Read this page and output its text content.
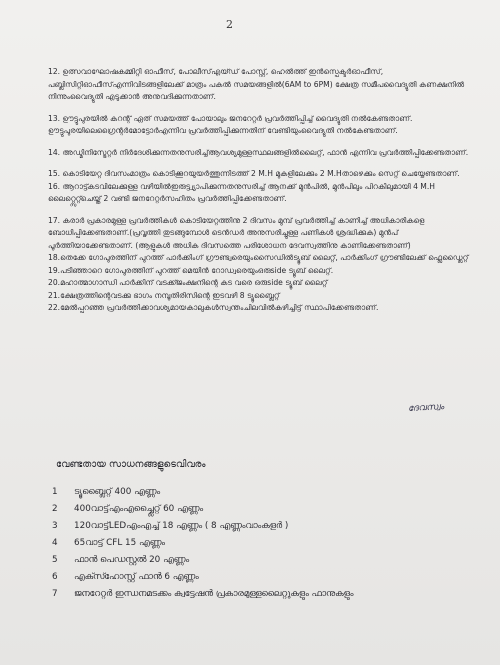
2

12. ഉത്സവാഘോഷകമ്മിറ്റി ഓഫീസ്, പോലീസ്എയ്ഡ് പോസ്റ്റ്, ഹെൽത്ത് ഇൻസ്പെക്ടർഓഫീസ്, പബ്ലിസിറ്റിഓഫീസ്എന്നിവിടങ്ങളിലേക്ക് മാത്രം പകൽ സമയങ്ങളിൽ(6AM to 6PM) ക്ഷേത്ര സമീപവൈദ്യുതി കണക്ഷനിൽ നിന്നുംവൈദ്യുതി എടുക്കാൻ അനുവദിക്കുന്നതാണ്.

13. ഊട്ടുപുരയിൽ കറന്റ് ഏത് സമയത്ത് പോയാലും ജനറേറ്റർ പ്രവർത്തിപ്പിച്ച് വൈദ്യുതി നൽകേണ്ടതാണ്. ഊട്ടുപുരയിലെഗ്രൈന്റർമോട്ടോർഎന്നിവ പ്രവർത്തിപ്പിക്കുന്നതിന് വേണ്ടിയുംവൈദ്യുതി നൽകേണ്ടതാണ്.

14. അഡ്മിനിസ്ട്രേറ്റർ നിർദേശിക്കുന്നതനുസരിച്ച്ആവശ്യമുള്ളസ്ഥലങ്ങളിൽലൈറ്റ്, ഫാൻ എന്നിവ പ്രവർത്തിപ്പിക്കേണ്ടതാണ്.

15. കൊടിയേറ്റ ദിവസംമാത്രം കൊടിക്കൂറയുയർത്തുന്നിടത്ത് 2 M.H മുകളിലേക്കും 2 M.Hതാഴെക്കും സെറ്റ് ചെയ്യേണ്ടതാണ്.

16. ആറാട്ട്കടവിലേക്കുള്ള വഴിയിൽഇരുട്ട്വ്യാപിക്കുന്നതനുസരിച്ച് ആനക്ക് മുൻപിൽ, മുൻപിലും പിറകിലുമായി 4 M.H ലൈറ്റ്സെറ്റ്ചെയ്ത് 2 വണ്ടി ജനറേറ്റർസഹിതം പ്രവർത്തിപ്പിക്കേണ്ടതാണ്.

17. കരാർ പ്രകാരമുള്ള പ്രവർത്തികൾ കൊടിയേറ്റത്തിനു 2 ദിവസം മുമ്പ് പ്രവർത്തിച്ച് കാണിച്ച് അധികാരികളെ ബോധിപ്പിക്കേണ്ടതാണ്.(പ്രവൃത്തി തുടങ്ങുമ്പോൾ ടെൻഡർ അനുസരിച്ചുള്ള പണികൾ ശ്രദ്ധിക്കുക) മുൻപ് പൂർത്തിയാക്കേണ്ടതാണ്. (ആളുകൾ അധിക ദിവസത്തെ പരിശോധന ദേവസ്വത്തിനു കാണിക്കേണ്ടതാണ്)

18.തെക്കേ ഗോപുരത്തിന് പുറത്ത് പാർക്കിംഗ് ഗ്രൗണ്ട്വരെയുംസൈഡിൽട്യൂബ് ലൈറ്റ്, പാർക്കിംഗ് ഗ്രൗണ്ടിലേക്ക് ഫ്ലെഡ്ലൈറ്റ്

19.പടിഞ്ഞാറെ ഗോപുരത്തിന് പുറത്ത് മെയിൻ റോഡ്വരെയുംഒരുside ട്യൂബ് ലൈറ്റ്.

20.മഹാത്മാഗാന്ധി പാർക്കിന് വടക്ക്ജംക്ഷനിന്റെ കട വരെ ഒരുside ട്യൂബ് ലൈറ്റ്

21.ക്ഷേത്രത്തിന്റെവടക്കു ഭാഗം നമ്പൂതിരിസിന്റെ ഇടവഴി 8 ട്യൂബ്ലൈറ്റ്

22.മേൽപ്പറഞ്ഞ പ്രവർത്തിക്കാവശ്യമായകാലുകൾസ്വന്തംചിലവിൽകുഴിച്ചിട്ട് സ്ഥാപിക്കേണ്ടതാണ്.

ദേവസ്വം
വേണ്ടതായ സാധനങ്ങളുടെവിവരം
1	ട്യൂബ്ലൈറ്റ് 400 എണ്ണം
2	400വാട്ട്എംഎച്ച്ലൈറ്റ് 60 എണ്ണം
3	120വാട്ട്LEDഎംഎച്ച് 18 എണ്ണം ( 8 എണ്ണംവാംകളർ )
4	65വാട്ട് CFL 15 എണ്ണം
5	ഫാൻ പെഡസ്റ്റൽ 20 എണ്ണം
6	എക്സ്ഹോസ്റ്റ് ഫാൻ 6 എണ്ണം
7	ജനറേറ്റർ ഇന്ധനമടക്കം ക്വട്ടേഷൻ പ്രകാരമുള്ളലൈറ്റുകളും ഫാനുകളും
